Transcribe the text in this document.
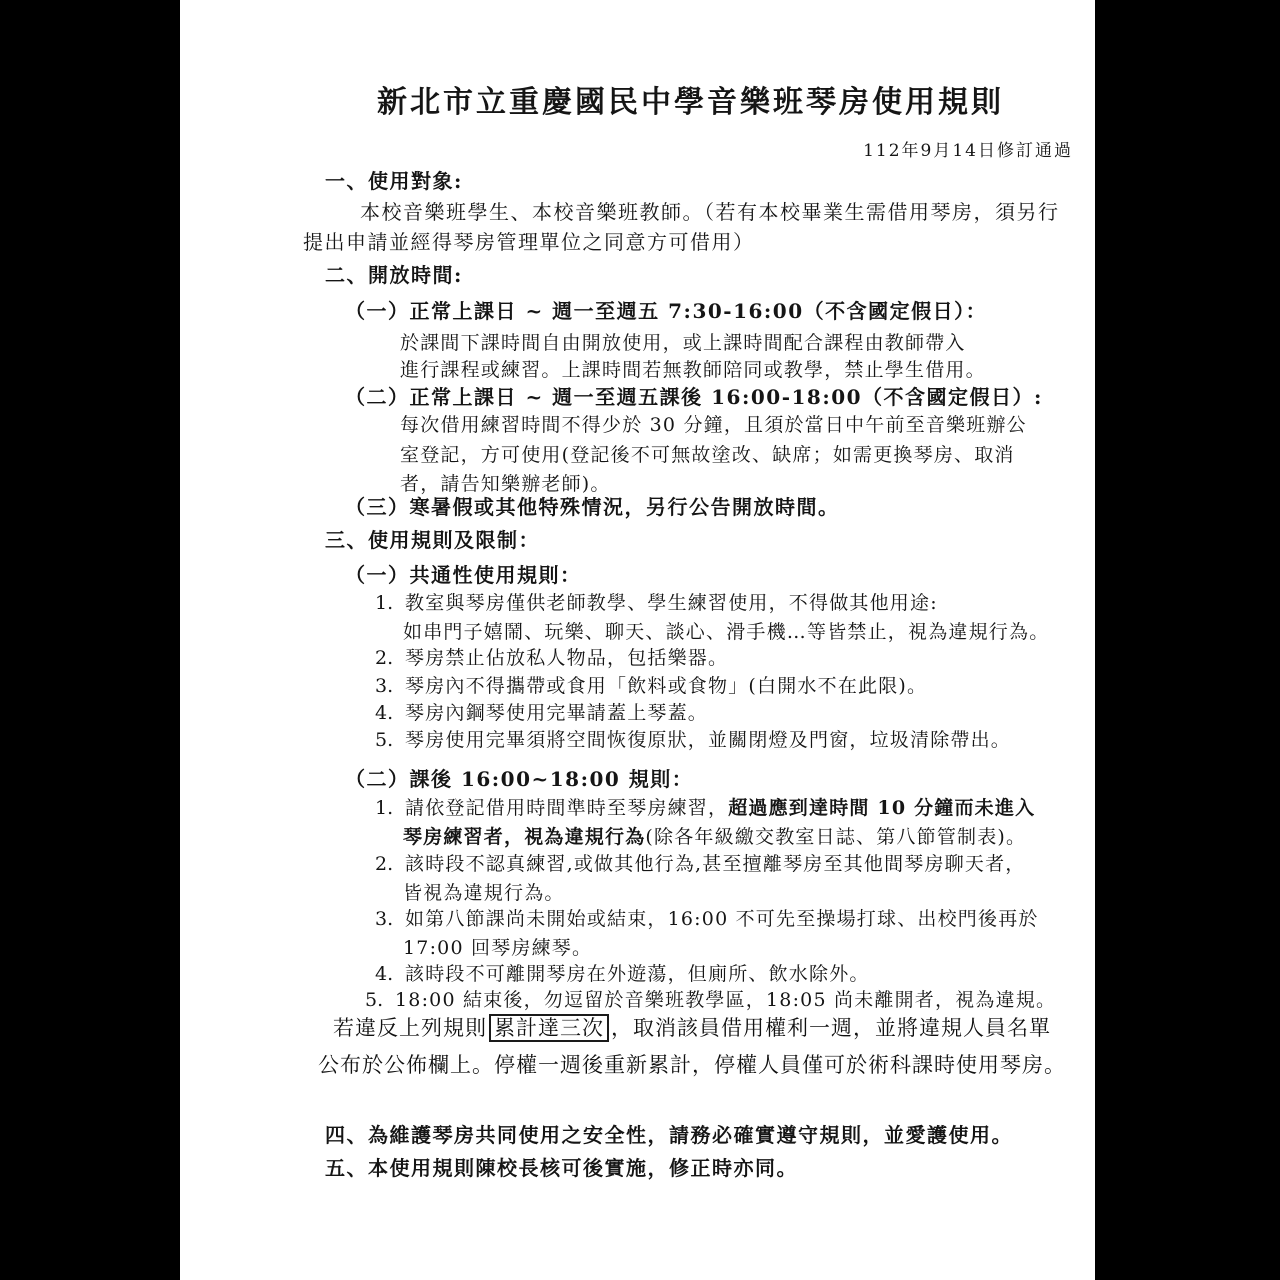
新北市立重慶國民中學音樂班琴房使用規則
112年9月14日修訂通過
一、使用對象:
本校音樂班學生、本校音樂班教師。（若有本校畢業生需借用琴房，須另行
提出申請並經得琴房管理單位之同意方可借用）
二、開放時間:
（一）正常上課日 ~ 週一至週五 7:30-16:00（不含國定假日）：
於課間下課時間自由開放使用，或上課時間配合課程由教師帶入
進行課程或練習。上課時間若無教師陪同或教學，禁止學生借用。
（二）正常上課日 ~ 週一至週五課後 16:00-18:00（不含國定假日）:
每次借用練習時間不得少於 30 分鐘，且須於當日中午前至音樂班辦公
室登記，方可使用(登記後不可無故塗改、缺席；如需更換琴房、取消
者，請告知樂辦老師)。
（三）寒暑假或其他特殊情況，另行公告開放時間。
三、使用規則及限制：
（一）共通性使用規則：
1. 教室與琴房僅供老師教學、學生練習使用，不得做其他用途:
如串門子嬉鬧、玩樂、聊天、談心、滑手機…等皆禁止，視為違規行為。
2. 琴房禁止佔放私人物品，包括樂器。
3. 琴房內不得攜帶或食用「飲料或食物」(白開水不在此限)。
4. 琴房內鋼琴使用完畢請蓋上琴蓋。
5. 琴房使用完畢須將空間恢復原狀，並關閉燈及門窗，垃圾清除帶出。
（二）課後 16:00~18:00 規則：
1. 請依登記借用時間準時至琴房練習，超過應到達時間 10 分鐘而未進入
琴房練習者，視為違規行為(除各年級繳交教室日誌、第八節管制表)。
2. 該時段不認真練習,或做其他行為,甚至擅離琴房至其他間琴房聊天者，
皆視為違規行為。
3. 如第八節課尚未開始或結束，16:00 不可先至操場打球、出校門後再於
17:00 回琴房練琴。
4. 該時段不可離開琴房在外遊蕩，但廁所、飲水除外。
5. 18:00 結束後，勿逗留於音樂班教學區，18:05 尚未離開者，視為違規。
若違反上列規則 累計達三次 ，取消該員借用權利一週，並將違規人員名單
公布於公佈欄上。停權一週後重新累計，停權人員僅可於術科課時使用琴房。
四、為維護琴房共同使用之安全性，請務必確實遵守規則，並愛護使用。
五、本使用規則陳校長核可後實施，修正時亦同。
